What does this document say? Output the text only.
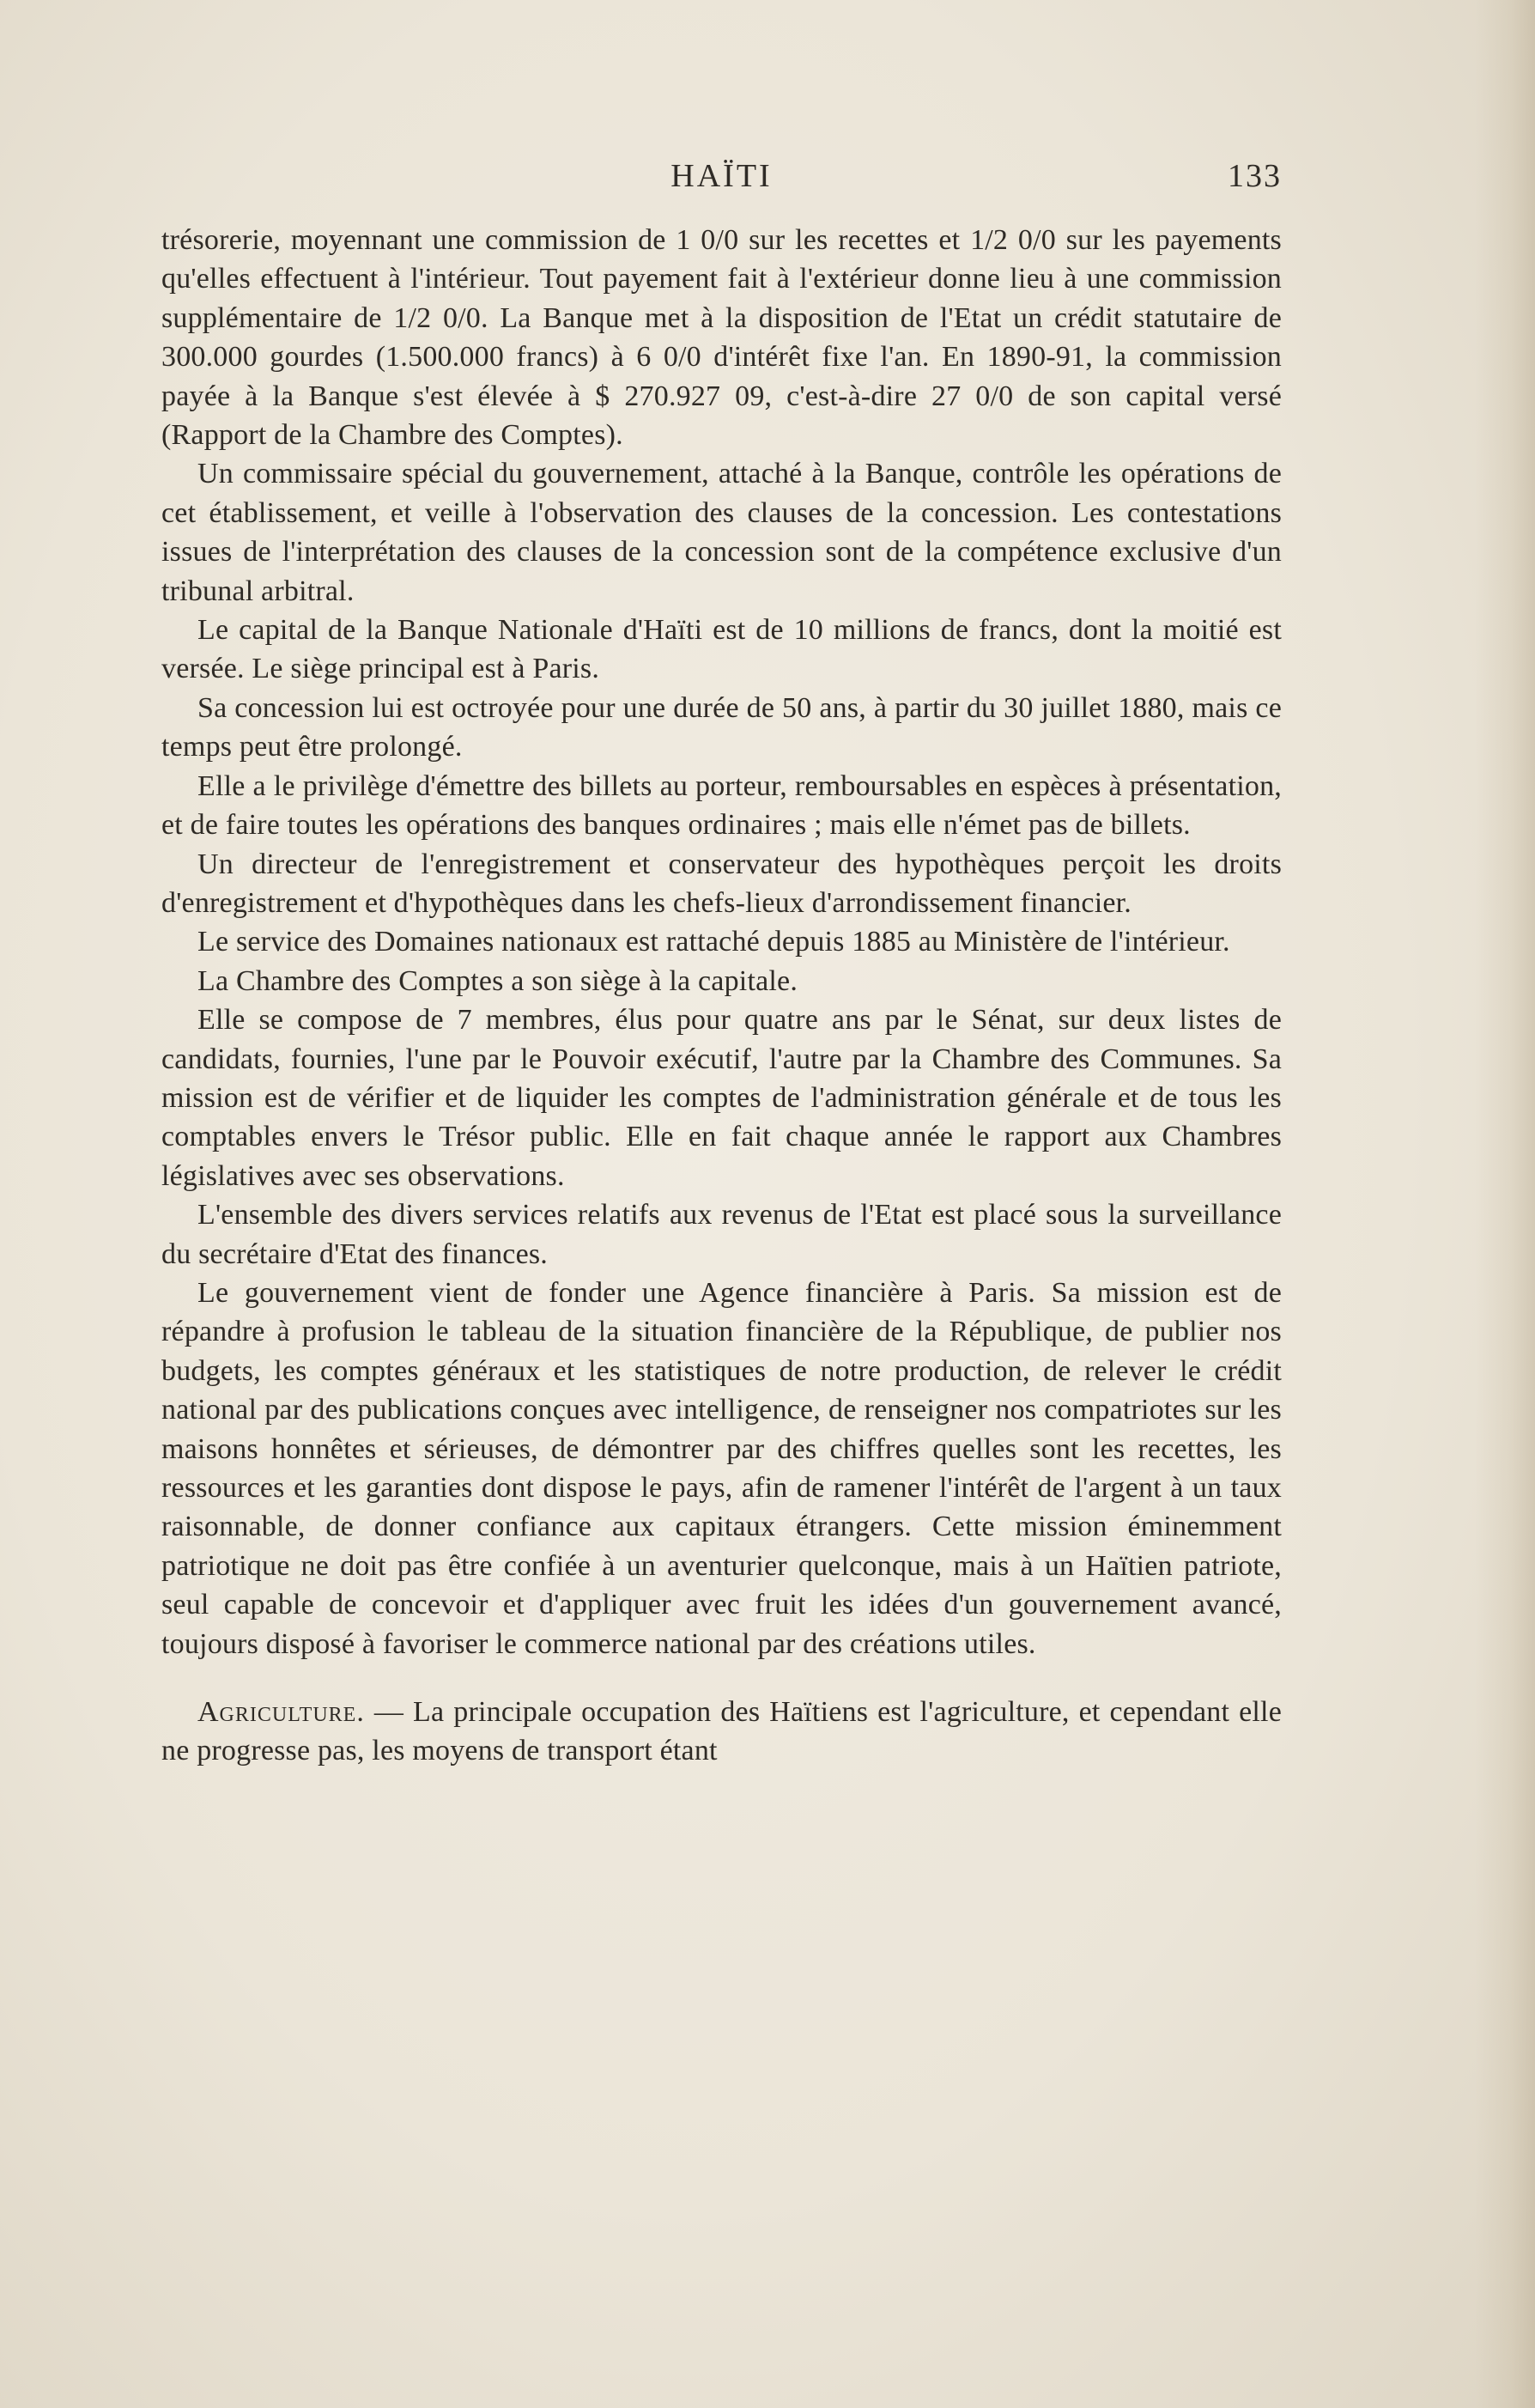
HAÏTI	133

trésorerie, moyennant une commission de 1 0/0 sur les recettes et 1/2 0/0 sur les payements qu'elles effectuent à l'intérieur. Tout payement fait à l'extérieur donne lieu à une commission supplémentaire de 1/2 0/0. La Banque met à la disposition de l'Etat un crédit statutaire de 300.000 gourdes (1.500.000 francs) à 6 0/0 d'intérêt fixe l'an. En 1890-91, la commission payée à la Banque s'est élevée à $ 270.927 09, c'est-à-dire 27 0/0 de son capital versé (Rapport de la Chambre des Comptes).

Un commissaire spécial du gouvernement, attaché à la Banque, contrôle les opérations de cet établissement, et veille à l'observation des clauses de la concession. Les contestations issues de l'interprétation des clauses de la concession sont de la compétence exclusive d'un tribunal arbitral.

Le capital de la Banque Nationale d'Haïti est de 10 millions de francs, dont la moitié est versée. Le siège principal est à Paris.

Sa concession lui est octroyée pour une durée de 50 ans, à partir du 30 juillet 1880, mais ce temps peut être prolongé.

Elle a le privilège d'émettre des billets au porteur, remboursables en espèces à présentation, et de faire toutes les opérations des banques ordinaires ; mais elle n'émet pas de billets.

Un directeur de l'enregistrement et conservateur des hypothèques perçoit les droits d'enregistrement et d'hypothèques dans les chefs-lieux d'arrondissement financier.

Le service des Domaines nationaux est rattaché depuis 1885 au Ministère de l'intérieur.

La Chambre des Comptes a son siège à la capitale.

Elle se compose de 7 membres, élus pour quatre ans par le Sénat, sur deux listes de candidats, fournies, l'une par le Pouvoir exécutif, l'autre par la Chambre des Communes. Sa mission est de vérifier et de liquider les comptes de l'administration générale et de tous les comptables envers le Trésor public. Elle en fait chaque année le rapport aux Chambres législatives avec ses observations.

L'ensemble des divers services relatifs aux revenus de l'Etat est placé sous la surveillance du secrétaire d'Etat des finances.

Le gouvernement vient de fonder une Agence financière à Paris. Sa mission est de répandre à profusion le tableau de la situation financière de la République, de publier nos budgets, les comptes généraux et les statistiques de notre production, de relever le crédit national par des publications conçues avec intelligence, de renseigner nos compatriotes sur les maisons honnêtes et sérieuses, de démontrer par des chiffres quelles sont les recettes, les ressources et les garanties dont dispose le pays, afin de ramener l'intérêt de l'argent à un taux raisonnable, de donner confiance aux capitaux étrangers. Cette mission éminemment patriotique ne doit pas être confiée à un aventurier quelconque, mais à un Haïtien patriote, seul capable de concevoir et d'appliquer avec fruit les idées d'un gouvernement avancé, toujours disposé à favoriser le commerce national par des créations utiles.

Agriculture. — La principale occupation des Haïtiens est l'agriculture, et cependant elle ne progresse pas, les moyens de transport étant
